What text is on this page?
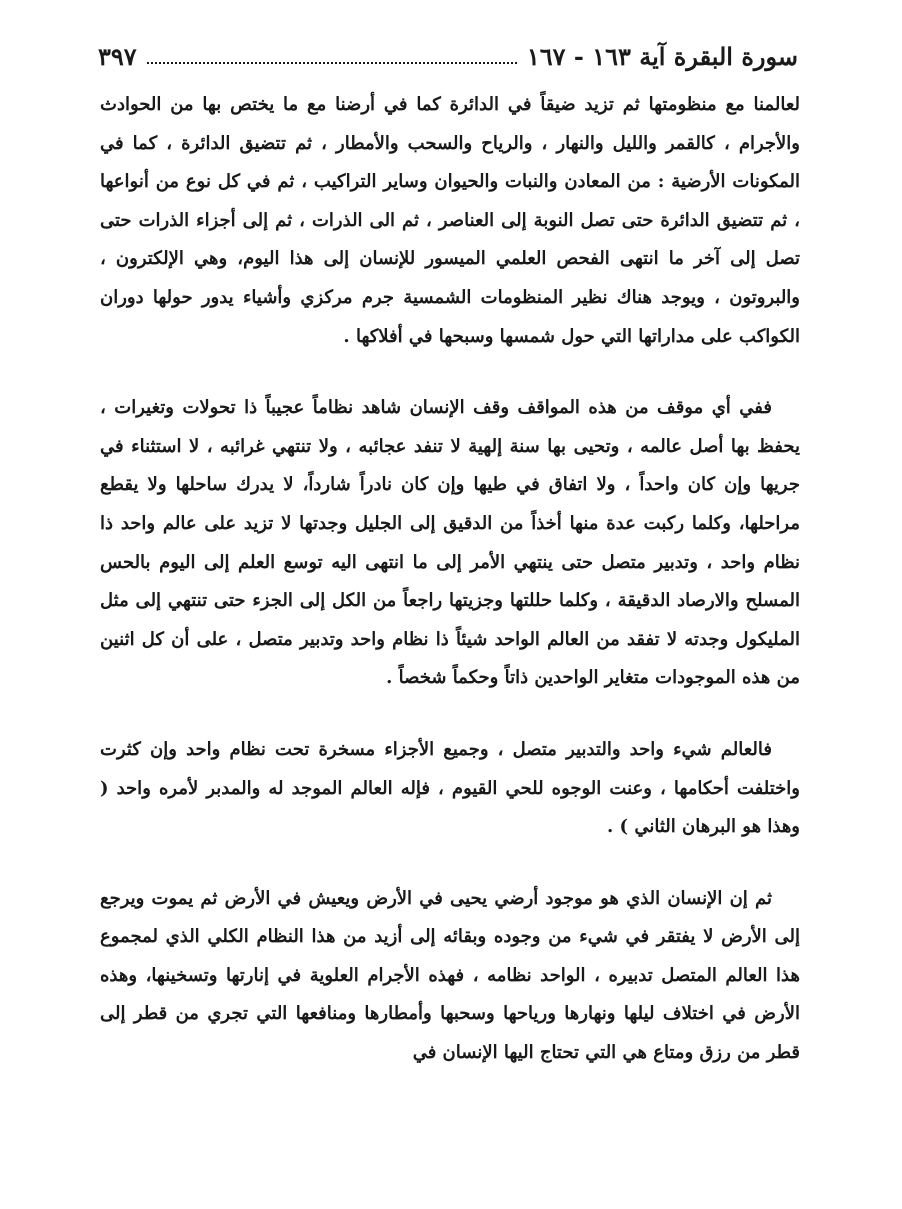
سورة البقرة آية ١٦٣ - ١٦٧
٣٩٧

لعالمنا مع منظومتها ثم تزيد ضيقاً في الدائرة كما في أرضنا مع ما يختص بها من الحوادث والأجرام ، كالقمر والليل والنهار ، والرياح والسحب والأمطار ، ثم تتضيق الدائرة ، كما في المكونات الأرضية : من المعادن والنبات والحيوان وساير التراكيب ، ثم في كل نوع من أنواعها ، ثم تتضيق الدائرة حتى تصل النوبة إلى العناصر ، ثم الى الذرات ، ثم إلى أجزاء الذرات حتى تصل إلى آخر ما انتهى الفحص العلمي الميسور للإنسان إلى هذا اليوم، وهي الإلكترون ، والبروتون ، ويوجد هناك نظير المنظومات الشمسية جرم مركزي وأشياء يدور حولها دوران الكواكب على مداراتها التي حول شمسها وسبحها في أفلاكها .

ففي أي موقف من هذه المواقف وقف الإنسان شاهد نظاماً عجيباً ذا تحولات وتغيرات ، يحفظ بها أصل عالمه ، وتحيى بها سنة إلهية لا تنفد عجائبه ، ولا تنتهي غرائبه ، لا استثناء في جريها وإن كان واحداً ، ولا اتفاق في طيها وإن كان نادراً شارداً، لا يدرك ساحلها ولا يقطع مراحلها، وكلما ركبت عدة منها أخذاً من الدقيق إلى الجليل وجدتها لا تزيد على عالم واحد ذا نظام واحد ، وتدبير متصل حتى ينتهي الأمر إلى ما انتهى اليه توسع العلم إلى اليوم بالحس المسلح والارصاد الدقيقة ، وكلما حللتها وجزيتها راجعاً من الكل إلى الجزء حتى تنتهي إلى مثل المليكول وجدته لا تفقد من العالم الواحد شيئاً ذا نظام واحد وتدبير متصل ، على أن كل اثنين من هذه الموجودات متغاير الواحدين ذاتاً وحكماً شخصاً .

فالعالم شيء واحد والتدبير متصل ، وجميع الأجزاء مسخرة تحت نظام واحد وإن كثرت واختلفت أحكامها ، وعنت الوجوه للحي القيوم ، فإله العالم الموجد له والمدبر لأمره واحد ( وهذا هو البرهان الثاني ) .

ثم إن الإنسان الذي هو موجود أرضي يحيى في الأرض ويعيش في الأرض ثم يموت ويرجع إلى الأرض لا يفتقر في شيء من وجوده وبقائه إلى أزيد من هذا النظام الكلي الذي لمجموع هذا العالم المتصل تدبيره ، الواحد نظامه ، فهذه الأجرام العلوية في إنارتها وتسخينها، وهذه الأرض في اختلاف ليلها ونهارها ورياحها وسحبها وأمطارها ومنافعها التي تجري من قطر إلى قطر من رزق ومتاع هي التي تحتاج اليها الإنسان في
